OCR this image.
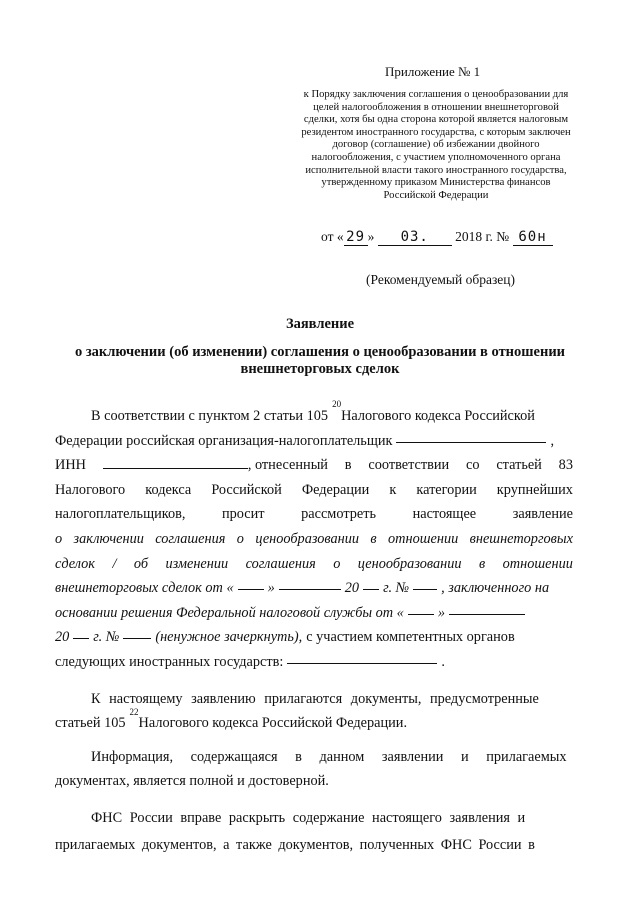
Приложение № 1
к Порядку заключения соглашения о ценообразовании для целей налогообложения в отношении внешнеторговой сделки, хотя бы одна сторона которой является налоговым резидентом иностранного государства, с которым заключен договор (соглашение) об избежании двойного налогообложения, с участием уполномоченного органа исполнительной власти такого иностранного государства, утвержденному приказом Министерства финансов Российской Федерации
от « 29 » 03. 2018 г. № 60н
(Рекомендуемый образец)
Заявление
о заключении (об изменении) соглашения о ценообразовании в отношении внешнеторговых сделок
В соответствии с пунктом 2 статьи 105
20
Налогового кодекса Российской
Федерации российская организация-налогоплательщик	,
ИНН	, отнесенный в соответствии со статьей 83
Налогового кодекса Российской Федерации к категории крупнейших
налогоплательщиков,	просит	рассмотреть	настоящее	заявление
о заключении соглашения о ценообразовании в отношении внешнеторговых
сделок / об изменении соглашения о ценообразовании в отношении
внешнеторговых сделок от « »	20 г. № , заключенного на
основании решения Федеральной налоговой службы от « »
20 г. №	(ненужное зачеркнуть), с участием компетентных органов
следующих иностранных государств:	.
К настоящему заявлению прилагаются документы, предусмотренные
статьей 105
22
Налогового кодекса Российской Федерации.
Информация, содержащаяся в данном заявлении и прилагаемых
документах, является полной и достоверной.
ФНС России вправе раскрыть содержание настоящего заявления и
прилагаемых документов, а также документов, полученных ФНС России в
